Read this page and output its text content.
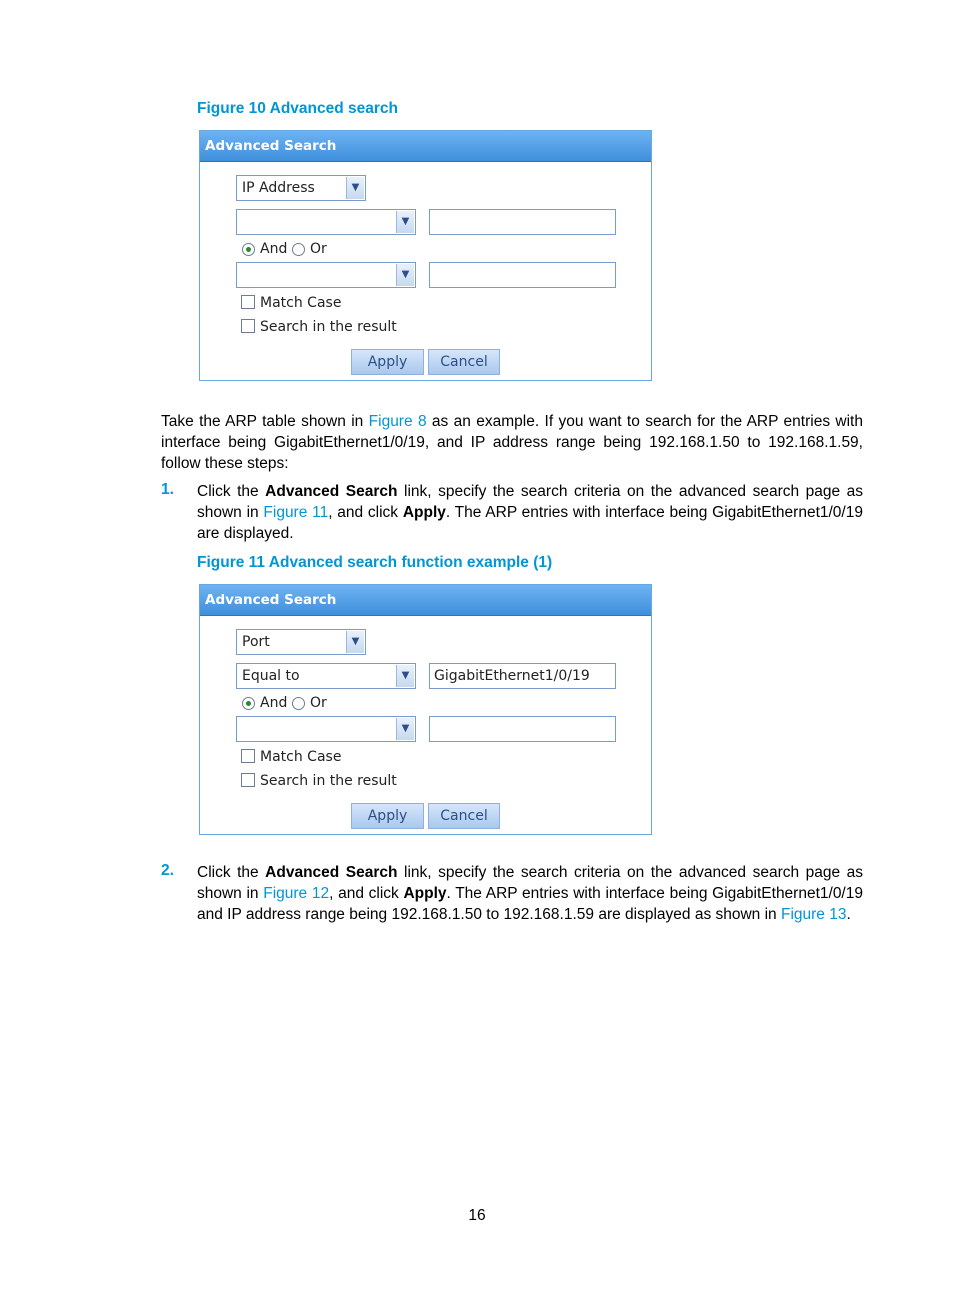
Figure 10 Advanced search
Advanced Search
IP Address	▼
▼
And Or
▼
Match Case
Search in the result
Apply	Cancel
Take the ARP table shown in Figure 8 as an example. If you want to search for the ARP entries with interface being GigabitEthernet1/0/19, and IP address range being 192.168.1.50 to 192.168.1.59, follow these steps:
1. Click the Advanced Search link, specify the search criteria on the advanced search page as shown in Figure 11, and click Apply. The ARP entries with interface being GigabitEthernet1/0/19 are displayed.
Figure 11 Advanced search function example (1)
Advanced Search
Port	▼
Equal to	▼	GigabitEthernet1/0/19
And Or
▼
Match Case
Search in the result
Apply	Cancel
2. Click the Advanced Search link, specify the search criteria on the advanced search page as shown in Figure 12, and click Apply. The ARP entries with interface being GigabitEthernet1/0/19 and IP address range being 192.168.1.50 to 192.168.1.59 are displayed as shown in Figure 13.
16
